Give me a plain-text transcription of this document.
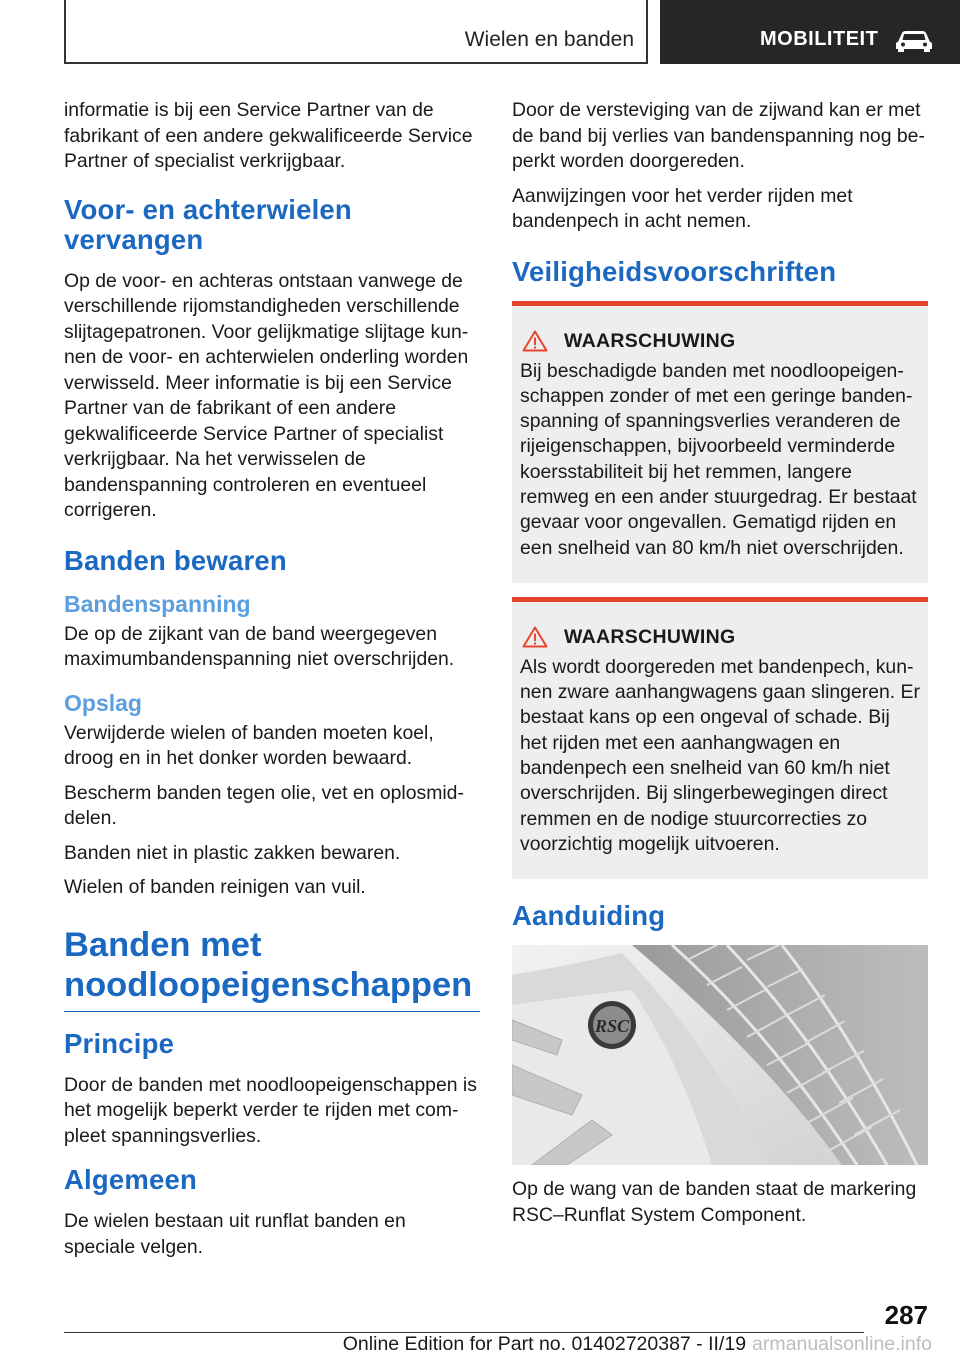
Wielen en banden	MOBILITEIT

informatie is bij een Service Partner van de fabrikant of een andere gekwalificeerde Service Partner of specialist verkrijgbaar.

Voor- en achterwielen vervangen

Op de voor- en achteras ontstaan vanwege de verschillende rijomstandigheden verschillende slijtagepatronen. Voor gelijkmatige slijtage kunnen de voor- en achterwielen onderling worden verwisseld. Meer informatie is bij een Service Partner van de fabrikant of een andere gekwalificeerde Service Partner of specialist verkrijgbaar. Na het verwisselen de bandenspanning controleren en eventueel corrigeren.

Banden bewaren
Bandenspanning

De op de zijkant van de band weergegeven maximumbandenspanning niet overschrijden.

Opslag

Verwijderde wielen of banden moeten koel, droog en in het donker worden bewaard.

Bescherm banden tegen olie, vet en oplosmiddelen.

Banden niet in plastic zakken bewaren.

Wielen of banden reinigen van vuil.

Banden met noodloopeigenschappen
Principe

Door de banden met noodloopeigenschappen is het mogelijk beperkt verder te rijden met compleet spanningsverlies.

Algemeen

De wielen bestaan uit runflat banden en speciale velgen.

Door de versteviging van de zijwand kan er met de band bij verlies van bandenspanning nog beperkt worden doorgereden.

Aanwijzingen voor het verder rijden met bandenpech in acht nemen.

Veiligheidsvoorschriften
WAARSCHUWING

Bij beschadigde banden met noodloopeigenschappen zonder of met een geringe bandenspanning of spanningsverlies veranderen de rijeigenschappen, bijvoorbeeld verminderde koersstabiliteit bij het remmen, langere remweg en een ander stuurgedrag. Er bestaat gevaar voor ongevallen. Gematigd rijden en een snelheid van 80 km/h niet overschrijden.

WAARSCHUWING

Als wordt doorgereden met bandenpech, kunnen zware aanhangwagens gaan slingeren. Er bestaat kans op een ongeval of schade. Bij het rijden met een aanhangwagen en bandenpech een snelheid van 60 km/h niet overschrijden. Bij slingerbewegingen direct remmen en de nodige stuurcorrecties zo voorzichtig mogelijk uitvoeren.

Aanduiding
RSC

Op de wang van de banden staat de markering RSC–Runflat System Component.

287
Online Edition for Part no. 01402720387 - II/19 armanualsonline.info
